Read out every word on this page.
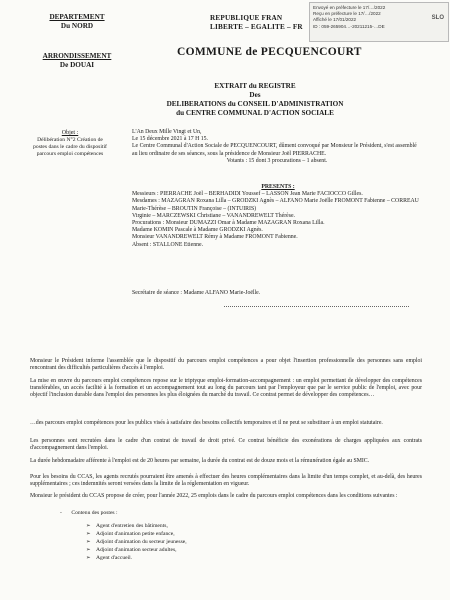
DEPARTEMENT
Du NORD
ARRONDISSEMENT
De DOUAI
REPUBLIQUE FRAN
LIBERTE – EGALITE – FR
Envoyé en préfecture le 17/…/2022
Reçu en préfecture le 17/…/2022
Affiché le 17/01/2022
ID : 059-265904…-20211215-…DE
SLO
COMMUNE de PECQUENCOURT
EXTRAIT du REGISTRE
Des
DELIBERATIONS du CONSEIL D'ADMINISTRATION
du CENTRE COMMUNAL D'ACTION SOCIALE
Objet :
Délibération N°2 Création de postes dans le cadre du dispositif parcours emploi compétences
L'An Deux Mille Vingt et Un,
Le 15 décembre 2021 à 17 H 15.
Le Centre Communal d'Action Sociale de PECQUENCOURT, dûment convoqué par Monsieur le Président, s'est assemblé au lieu ordinaire de ses séances, sous la présidence de Monsieur Joël PIERRACHE.
Votants : 15 dont 3 procurations – 1 absent.
PRESENTS :
Messieurs : PIERRACHE Joël – BERHADIDI Youssef – LASSON Jean Marie FACIOCCO Gilles.
Mesdames : MAZAGRAN Roxana Lilla – GRODZKI Agnès – ALFANO Marie Joëlle FROMONT Fabienne – CORREAU Marie-Thérèse – BROUTIN Françoise – (INTUIRIS)
Virginie – MARCZEWSKI Christiane – VANANDREWELT Thérèse.
Procurations : Monsieur DUMAZZI Omar à Madame MAZAGRAN Roxana Lilla.
Madame KOMIN Pascale à Madame GRODZKI Agnès.
Monsieur VANANDREWELT Rémy à Madame FROMONT Fabienne.
Absent : STALLONE Etienne.
Secrétaire de séance : Madame ALFANO Marie-Joëlle.
Monsieur le Président informe l'assemblée que le dispositif du parcours emploi compétences a pour objet l'insertion professionnelle des personnes sans emploi rencontrant des difficultés particulières d'accès à l'emploi.
La mise en œuvre du parcours emploi compétences repose sur le triptyque emploi-formation-accompagnement : un emploi permettant de développer des compétences transférables, un accès facilité à la formation et un accompagnement tout au long du parcours tant par l'employeur que par le service public de l'emploi, avec pour objectif l'inclusion durable dans l'emploi des personnes les plus éloignées du marché du travail. Ce contrat permet de développer des compétences…
…des parcours emploi compétences pour les publics visés à satisfaire des besoins collectifs temporaires et il ne peut se substituer à un emploi statutaire.
Les personnes sont recrutées dans le cadre d'un contrat de travail de droit privé. Ce contrat bénéficie des exonérations de charges appliquées aux contrats d'accompagnement dans l'emploi.
La durée hebdomadaire afférente à l'emploi est de 20 heures par semaine, la durée du contrat est de douze mois et la rémunération égale au SMIC.
Pour les besoins du CCAS, les agents recrutés pourraient être amenés à effectuer des heures complémentaires dans la limite d'un temps complet, et au-delà, des heures supplémentaires ; ces indemnités seront versées dans la limite de la réglementation en vigueur.
Monsieur le président du CCAS propose de créer, pour l'année 2022, 25 emplois dans le cadre du parcours emploi compétences dans les conditions suivantes :
- Contenu des postes :
➢ Agent d'entretien des bâtiments,
➢ Adjoint d'animation petite enfance,
➢ Adjoint d'animation du secteur jeunesse,
➢ Adjoint d'animation secteur adultes,
➢ Agent d'accueil.
